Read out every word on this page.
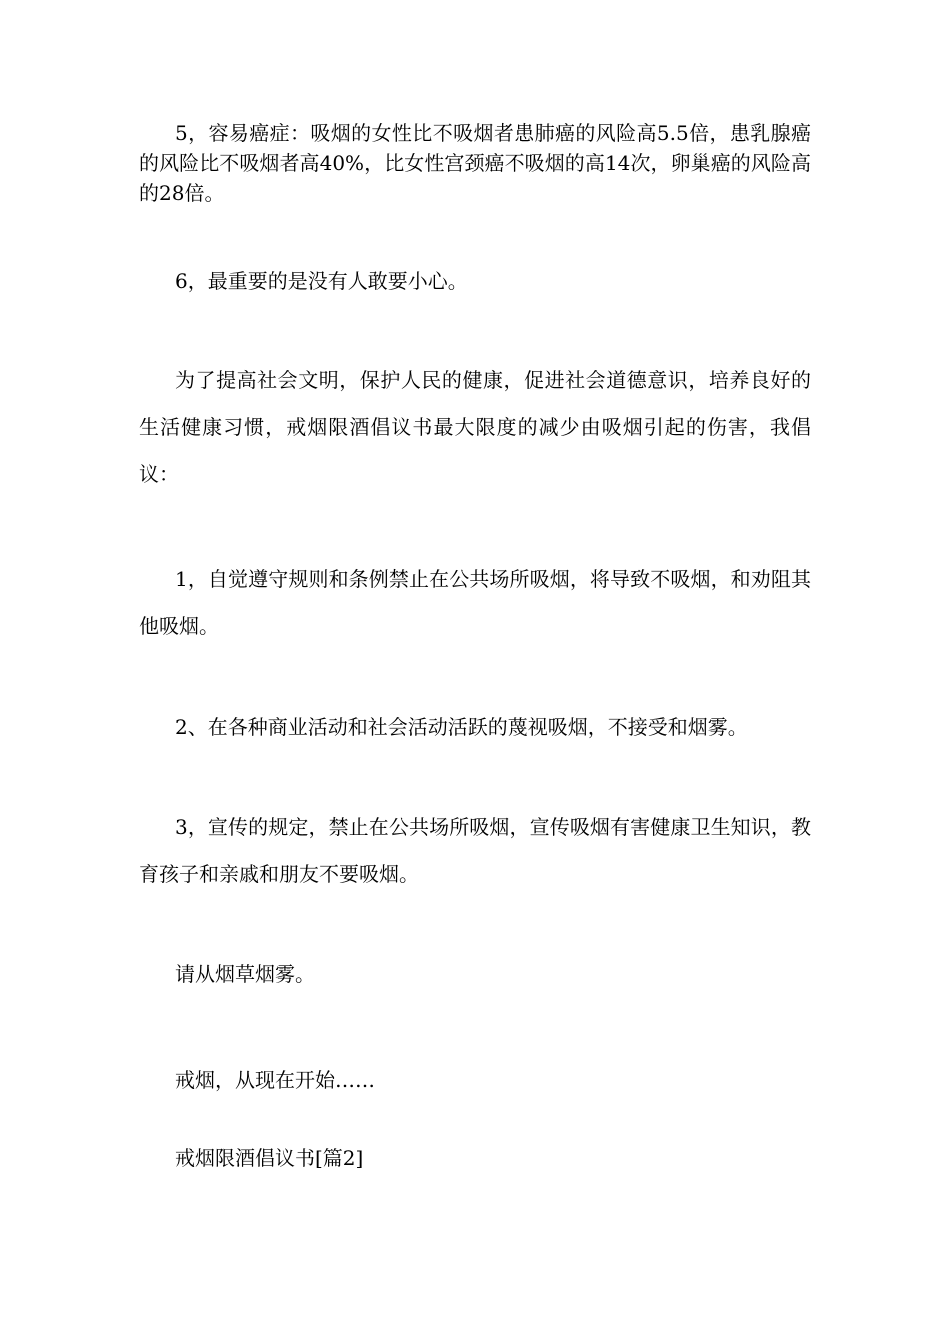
5，容易癌症：吸烟的女性比不吸烟者患肺癌的风险高5.5倍，患乳腺癌的风险比不吸烟者高40%，比女性宫颈癌不吸烟的高14次，卵巢癌的风险高的28倍。

6，最重要的是没有人敢要小心。

为了提高社会文明，保护人民的健康，促进社会道德意识，培养良好的生活健康习惯，戒烟限酒倡议书最大限度的减少由吸烟引起的伤害，我倡议：

1，自觉遵守规则和条例禁止在公共场所吸烟，将导致不吸烟，和劝阻其他吸烟。

2、在各种商业活动和社会活动活跃的蔑视吸烟，不接受和烟雾。

3，宣传的规定，禁止在公共场所吸烟，宣传吸烟有害健康卫生知识，教育孩子和亲戚和朋友不要吸烟。

请从烟草烟雾。

戒烟，从现在开始……

戒烟限酒倡议书[篇2]
